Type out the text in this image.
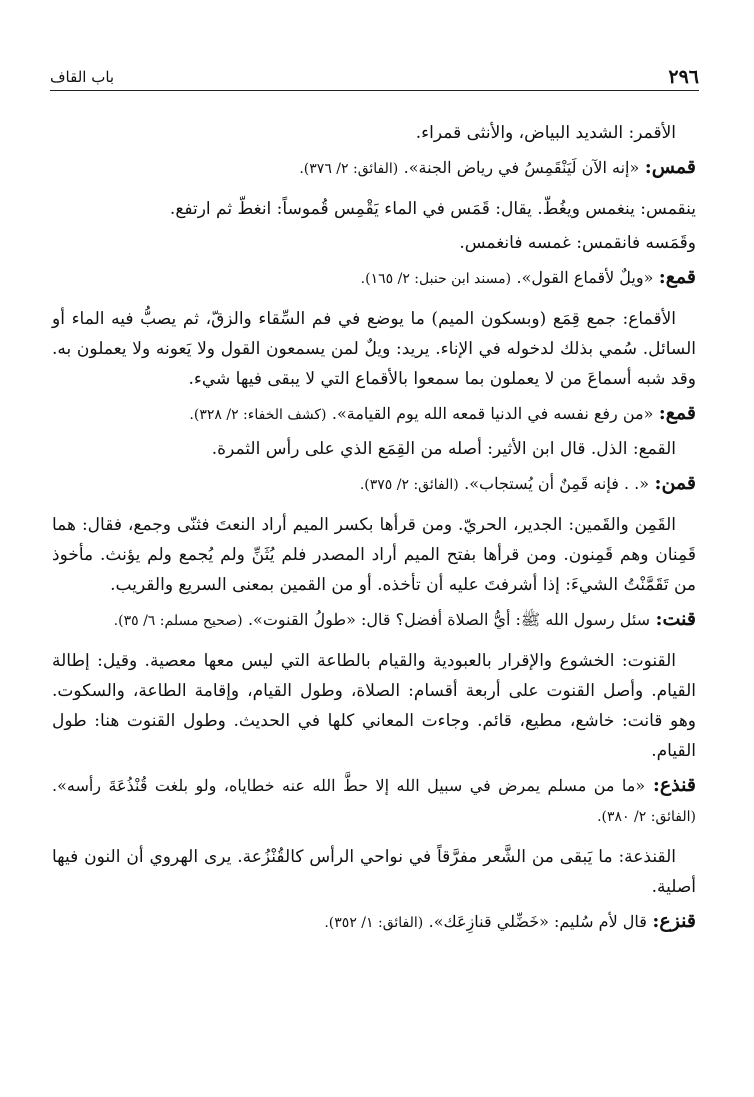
٢٩٦
باب القاف

الأقمر: الشديد البياض، والأنثى قمراء.

قمس: «إنه الآن لَيَنْقَمِسُ في رياض الجنة». (الفائق: ٢/ ٣٧٦).

ينقمس: ينغمس ويغُطّ. يقال: قَمَس في الماء يَقْمِس قُموساً: انغطّ ثم ارتفع.

وقَمَسه فانقمس: غمسه فانغمس.

قمع: «ويلٌ لأقماع القول». (مسند ابن حنبل: ٢/ ١٦٥).

الأقماع: جمع قِمَع (وبسكون الميم) ما يوضع في فم السِّقاء والزقّ، ثم يصبُّ فيه الماء أو السائل. سُمي بذلك لدخوله في الإناء. يريد: ويلٌ لمن يسمعون القول ولا يَعونه ولا يعملون به. وقد شبه أسماعَ من لا يعملون بما سمعوا بالأقماع التي لا يبقى فيها شيء.

قمع: «من رفع نفسه في الدنيا قمعه الله يوم القيامة». (كشف الخفاء: ٢/ ٣٢٨).

القمع: الذل. قال ابن الأثير: أصله من القِمَع الذي على رأس الثمرة.

قمن: «. . فإنه قَمِنٌ أن يُستجاب». (الفائق: ٢/ ٣٧٥).

القَمِن والقَمين: الجدير، الحريّ. ومن قرأها بكسر الميم أراد النعتَ فثنّى وجمع، فقال: هما قَمِنان وهم قَمِنون. ومن قرأها بفتح الميم أراد المصدر فلم يُثَنِّ ولم يُجمع ولم يؤنث. مأخوذ من تَقَمَّنْتُ الشيءَ: إذا أشرفتَ عليه أن تأخذه. أو من القمين بمعنى السريع والقريب.

قنت: سئل رسول الله ﷺ: أيُّ الصلاة أفضل؟ قال: «طولُ القنوت». (صحيح مسلم: ٦/ ٣٥).

القنوت: الخشوع والإقرار بالعبودية والقيام بالطاعة التي ليس معها معصية. وقيل: إطالة القيام. وأصل القنوت على أربعة أقسام: الصلاة، وطول القيام، وإقامة الطاعة، والسكوت. وهو قانت: خاشع، مطيع، قائم. وجاءت المعاني كلها في الحديث. وطول القنوت هنا: طول القيام.

قنذع: «ما من مسلم يمرض في سبيل الله إلا حطَّ الله عنه خطاياه، ولو بلغت قُنْذُعَةَ رأسه». (الفائق: ٢/ ٣٨٠).

القنذعة: ما يَبقى من الشَّعر مفرَّقاً في نواحي الرأس كالقُنْزُعة. يرى الهروي أن النون فيها أصلية.

قنزع: قال لأم سُليم: «خَضِّلي قنازِعَك». (الفائق: ١/ ٣٥٢).
